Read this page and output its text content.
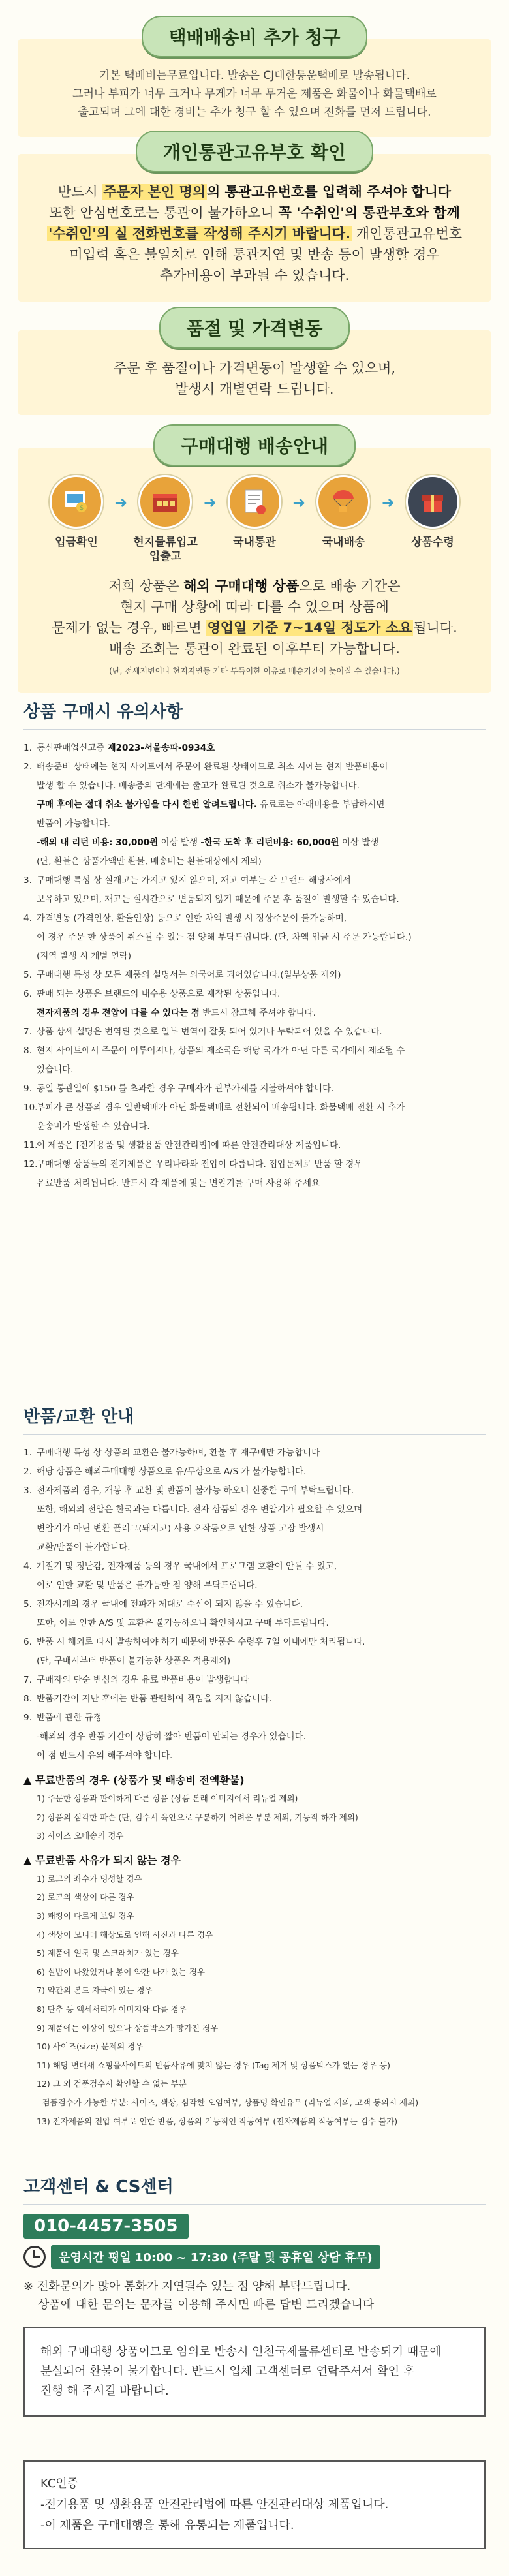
택배배송비 추가 청구

기본 택배비는무료입니다. 발송은 CJ대한통운택배로 발송됩니다.

그러나 부피가 너무 크거나 무게가 너무 무거운 제품은 화물이나 화물택배로

출고되며 그에 대한 경비는 추가 청구 할 수 있으며 전화를 먼저 드립니다.

개인통관고유부호 확인

반드시 주문자 본인 명의의 통관고유번호를 입력해 주셔야 합니다

또한 안심번호로는 통관이 불가하오니 꼭 '수취인'의 통관부호와 함께

'수취인'의 실 전화번호를 작성해 주시기 바랍니다. 개인통관고유번호

미입력 혹은 불일치로 인해 통관지연 및 반송 등이 발생할 경우

추가비용이 부과될 수 있습니다.

품절 및 가격변동

주문 후 품절이나 가격변동이 발생할 수 있으며,

발생시 개별연락 드립니다.

구매대행 배송안내
$
입금확인
➜
현지물류입고
입출고
➜
국내통관
➜
국내배송
➜
상품수령

저희 상품은 해외 구매대행 상품으로 배송 기간은

현지 구매 상황에 따라 다를 수 있으며 상품에

문제가 없는 경우, 빠르면 영업일 기준 7~14일 정도가 소요됩니다.

배송 조회는 통관이 완료된 이후부터 가능합니다.

(단, 전세지변이나 현지지연등 기타 부득이한 이유로 배송기간이 늦어질 수 있습니다.)

상품 구매시 유의사항
1. 통신판매업신고증 제2023-서울송파-0934호
2. 배송준비 상태에는 현지 사이트에서 주문이 완료된 상태이므로 취소 시에는 현지 반품비용이
발생 할 수 있습니다. 배송중의 단계에는 출고가 완료된 것으로 취소가 불가능합니다.
구매 후에는 절대 취소 불가임을 다시 한번 알려드립니다. 유료로는 아래비용을 부담하시면
반품이 가능합니다.
-해외 내 리턴 비용: 30,000원 이상 발생 -한국 도착 후 리턴비용: 60,000원 이상 발생
(단, 환불은 상품가액만 환불, 배송비는 환불대상에서 제외)
3. 구매대행 특성 상 실재고는 가지고 있지 않으며, 재고 여부는 각 브랜드 해당사에서
보유하고 있으며, 재고는 실시간으로 변동되지 않기 때문에 주문 후 품절이 발생할 수 있습니다.
4. 가격변동 (가격인상, 환율인상) 등으로 인한 차액 발생 시 정상주문이 불가능하며,
이 경우 주문 한 상품이 취소될 수 있는 점 양해 부탁드립니다. (단, 차액 입금 시 주문 가능합니다.)
(지역 발생 시 개별 연락)
5. 구매대행 특성 상 모든 제품의 설명서는 외국어로 되어있습니다.(일부상품 제외)
6. 판매 되는 상품은 브랜드의 내수용 상품으로 제작된 상품입니다.
전자제품의 경우 전압이 다를 수 있다는 점 반드시 참고해 주셔야 합니다.
7. 상품 상세 설명은 번역된 것으로 일부 번역이 잘못 되어 있거나 누락되어 있을 수 있습니다.
8. 현지 사이트에서 주문이 이루어지나, 상품의 제조국은 해당 국가가 아닌 다른 국가에서 제조될 수
있습니다.
9. 동일 통관일에 $150 를 초과한 경우 구매자가 관부가세를 지불하셔야 합니다.
10.
부피가 큰 상품의 경우 일반택배가 아닌 화물택배로 전환되어 배송됩니다. 화물택배 전환 시 추가
운송비가 발생할 수 있습니다.
11.
이 제품은 [전기용품 및 생활용품 안전관리법]에 따른 안전관리대상 제품입니다.
12.
구매대행 상품들의 전기제품은 우리나라와 전압이 다릅니다. 접압문제로 반품 할 경우
유료반품 처리됩니다. 반드시 각 제품에 맞는 변압기를 구매 사용해 주세요
반품/교환 안내
1. 구매대행 특성 상 상품의 교환은 불가능하며, 환불 후 재구매만 가능합니다
2. 해당 상품은 해외구매대행 상품으로 유/무상으로 A/S 가 불가능합니다.
3. 전자제품의 경우, 개봉 후 교환 및 반품이 불가능 하오니 신중한 구매 부탁드립니다.
또한, 해외의 전압은 한국과는 다릅니다. 전자 상품의 경우 변압기가 필요할 수 있으며
변압기가 아닌 변환 플러그(돼지코) 사용 오작동으로 인한 상품 고장 발생시
교환/반품이 불가합니다.
4. 계절기 및 정난감, 전자제품 등의 경우 국내에서 프로그램 호환이 안될 수 있고,
이로 인한 교환 및 반품은 불가능한 점 양해 부탁드립니다.
5. 전자시계의 경우 국내에 전파가 제대로 수신이 되지 않을 수 있습니다.
또한, 이로 인한 A/S 및 교환은 불가능하오니 확인하시고 구매 부탁드립니다.
6. 반품 시 해외로 다시 발송하여야 하기 때문에 반품은 수령후 7일 이내에만 처리됩니다.
(단, 구매시부터 반품이 불가능한 상품은 적용제외)
7. 구매자의 단순 변심의 경우 유료 반품비용이 발생합니다
8. 반품기간이 지난 후에는 반품 관련하여 책임을 지지 않습니다.
9. 반품에 관한 규정
-해외의 경우 반품 기간이 상당히 짧아 반품이 안되는 경우가 있습니다.
이 점 반드시 유의 해주셔야 합니다.
▲ 무료반품의 경우 (상품가 및 배송비 전액환불)
1) 주문한 상품과 판이하게 다른 상품 (상품 본래 이미지에서 리뉴얼 제외)
2) 상품의 심각한 파손 (단, 검수시 육안으로 구분하기 어려운 부분 제외, 기능적 하자 제외)
3) 사이즈 오배송의 경우
▲ 무료반품 사유가 되지 않는 경우
1) 로고의 좌수가 명성할 경우
2) 로고의 색상이 다른 경우
3) 패킹이 다르게 보일 경우
4) 색상이 모니터 해상도로 인해 사진과 다른 경우
5) 제품에 얼룩 및 스크래치가 있는 경우
6) 실밥이 나왔있거나 봉이 약간 나가 있는 경우
7) 약간의 본드 자국이 있는 경우
8) 단추 등 액세서리가 이미지와 다를 경우
9) 제품에는 이상이 없으나 상품박스가 망가진 경우
10) 사이즈(size) 문제의 경우
11) 해당 변대새 쇼핑몰사이트의 반품사유에 맞지 않는 경우 (Tag 제거 및 상품박스가 없는 경우 등)
12) 그 외 검품검수시 확인할 수 없는 부분
- 검품검수가 가능한 부분: 사이즈, 색상, 심각한 오염여부, 상품명 확인유무 (리뉴얼 제외, 고객 동의시 제외)
13) 전자제품의 전압 여부로 인한 반품, 상품의 기능적인 작동여부 (전자제품의 작동여부는 검수 불가)
고객센터 & CS센터
010-4457-3505
운영시간 평일 10:00 ~ 17:30 (주말 및 공휴일 상담 휴무)

※ 전화문의가 많아 통화가 지연될수 있는 점 양해 부탁드립니다.
상품에 대한 문의는 문자를 이용해 주시면 빠른 답변 드리겠습니다

해외 구매대행 상품이므로 임의로 반송시 인천국제물류센터로 반송되기 때문에
분실되어 환불이 불가합니다. 반드시 업체 고객센터로 연락주셔서 확인 후
진행 해 주시길 바랍니다.
KC인증
-전기용품 및 생활용품 안전관리법에 따른 안전관리대상 제품입니다.
-이 제품은 구매대행을 통해 유통되는 제품입니다.
